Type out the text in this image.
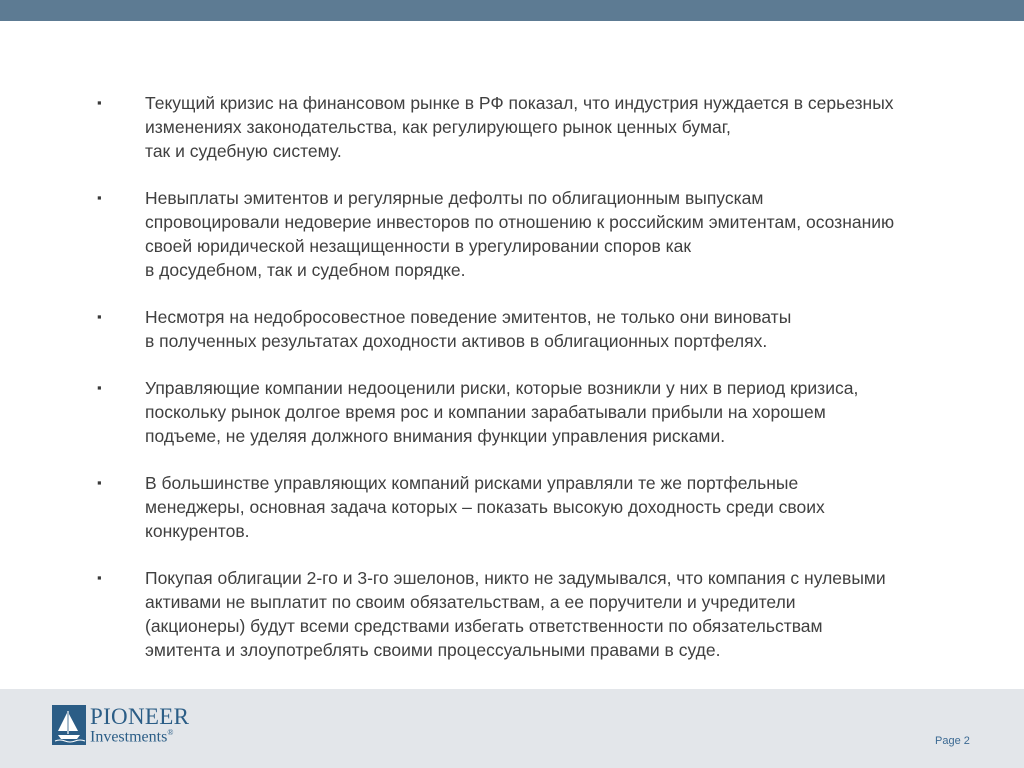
▪ Текущий кризис на финансовом рынке в РФ показал, что индустрия нуждается в серьезных
изменениях законодательства, как регулирующего рынок ценных бумаг,
так и судебную систему.
▪ Невыплаты эмитентов и регулярные дефолты по облигационным выпускам
спровоцировали недоверие инвесторов по отношению к российским эмитентам, осознанию
своей юридической незащищенности в урегулировании споров как
в досудебном, так и судебном порядке.
▪ Несмотря на недобросовестное поведение эмитентов, не только они виноваты
в полученных результатах доходности активов в облигационных портфелях.
▪ Управляющие компании недооценили риски, которые возникли у них в период кризиса,
поскольку рынок долгое время рос и компании зарабатывали прибыли на хорошем
подъеме, не уделяя должного внимания функции управления рисками.
▪ В большинстве управляющих компаний рисками управляли те же портфельные
менеджеры, основная задача которых – показать высокую доходность среди своих
конкурентов.
▪ Покупая облигации 2-го и 3-го эшелонов, никто не задумывался, что компания с нулевыми
активами не выплатит по своим обязательствам, а ее поручители и учредители
(акционеры) будут всеми средствами избегать ответственности по обязательствам
эмитента и злоупотреблять своими процессуальными правами в суде.
PIONEER
Investments®
Page 2
